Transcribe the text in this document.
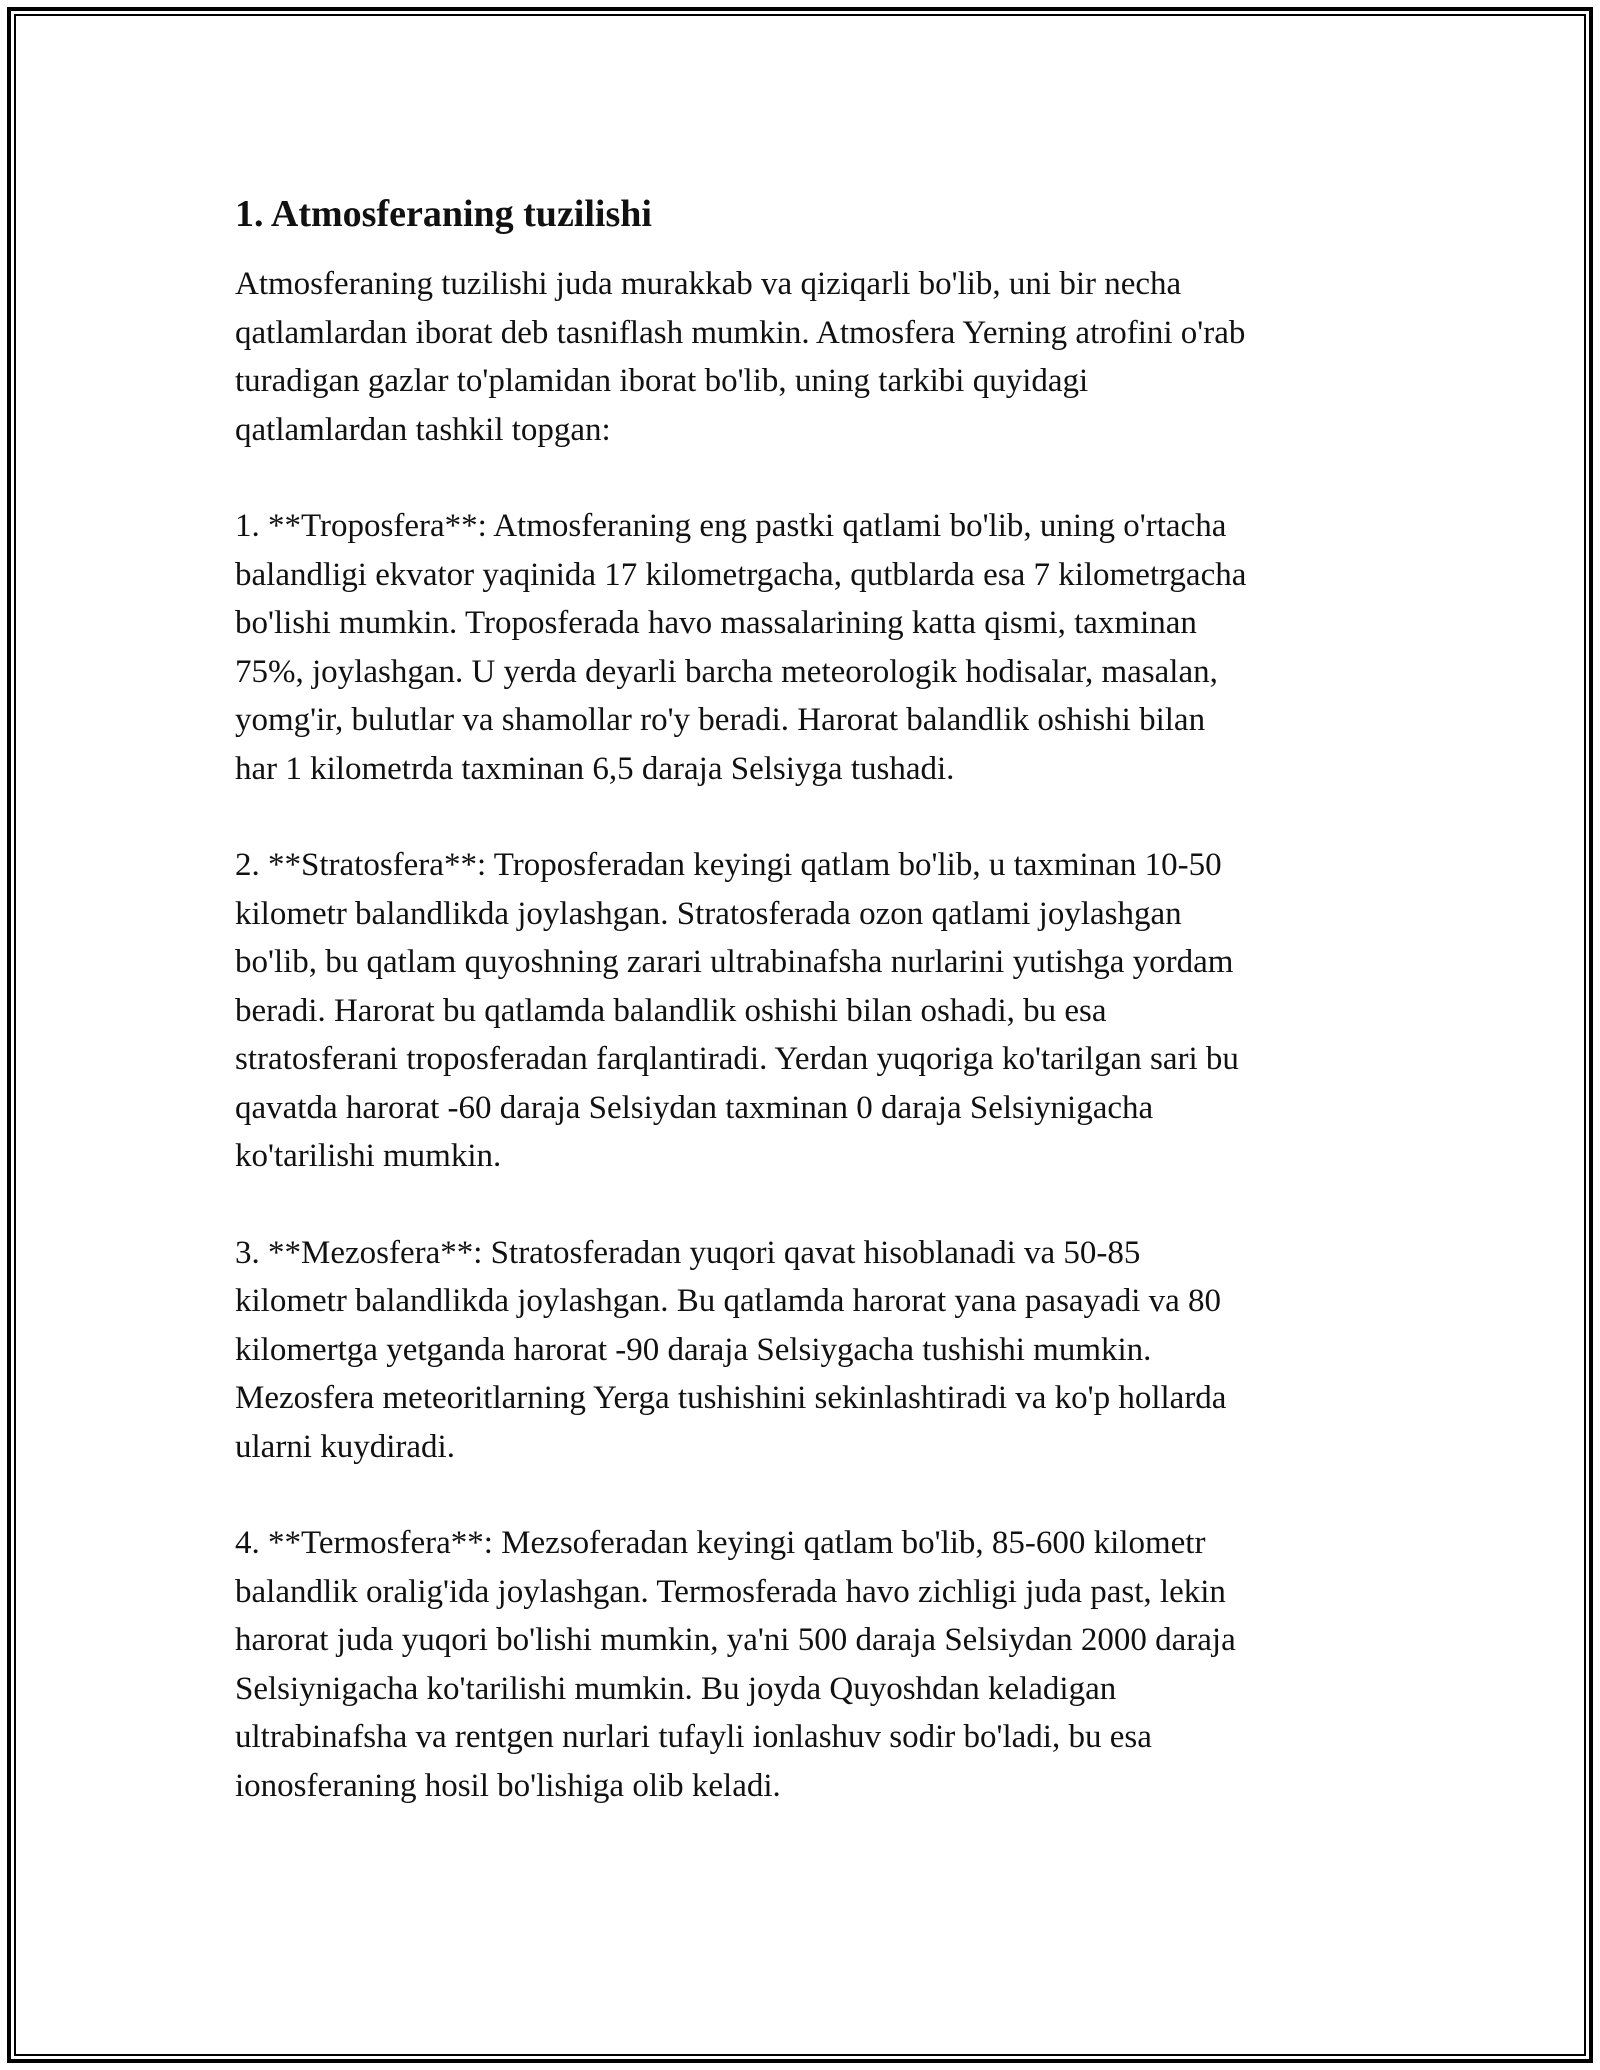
1. Atmosferaning tuzilishi

Atmosferaning tuzilishi juda murakkab va qiziqarli bo'lib, uni bir necha
qatlamlardan iborat deb tasniflash mumkin. Atmosfera Yerning atrofini o'rab
turadigan gazlar to'plamidan iborat bo'lib, uning tarkibi quyidagi
qatlamlardan tashkil topgan:

1. **Troposfera**: Atmosferaning eng pastki qatlami bo'lib, uning o'rtacha
balandligi ekvator yaqinida 17 kilometrgacha, qutblarda esa 7 kilometrgacha
bo'lishi mumkin. Troposferada havo massalarining katta qismi, taxminan
75%, joylashgan. U yerda deyarli barcha meteorologik hodisalar, masalan,
yomg'ir, bulutlar va shamollar ro'y beradi. Harorat balandlik oshishi bilan
har 1 kilometrda taxminan 6,5 daraja Selsiyga tushadi.

2. **Stratosfera**: Troposferadan keyingi qatlam bo'lib, u taxminan 10-50
kilometr balandlikda joylashgan. Stratosferada ozon qatlami joylashgan
bo'lib, bu qatlam quyoshning zarari ultrabinafsha nurlarini yutishga yordam
beradi. Harorat bu qatlamda balandlik oshishi bilan oshadi, bu esa
stratosferani troposferadan farqlantiradi. Yerdan yuqoriga ko'tarilgan sari bu
qavatda harorat -60 daraja Selsiydan taxminan 0 daraja Selsiynigacha
ko'tarilishi mumkin.

3. **Mezosfera**: Stratosferadan yuqori qavat hisoblanadi va 50-85
kilometr balandlikda joylashgan. Bu qatlamda harorat yana pasayadi va 80
kilomertga yetganda harorat -90 daraja Selsiygacha tushishi mumkin.
Mezosfera meteoritlarning Yerga tushishini sekinlashtiradi va ko'p hollarda
ularni kuydiradi.

4. **Termosfera**: Mezsoferadan keyingi qatlam bo'lib, 85-600 kilometr
balandlik oralig'ida joylashgan. Termosferada havo zichligi juda past, lekin
harorat juda yuqori bo'lishi mumkin, ya'ni 500 daraja Selsiydan 2000 daraja
Selsiynigacha ko'tarilishi mumkin. Bu joyda Quyoshdan keladigan
ultrabinafsha va rentgen nurlari tufayli ionlashuv sodir bo'ladi, bu esa
ionosferaning hosil bo'lishiga olib keladi.
